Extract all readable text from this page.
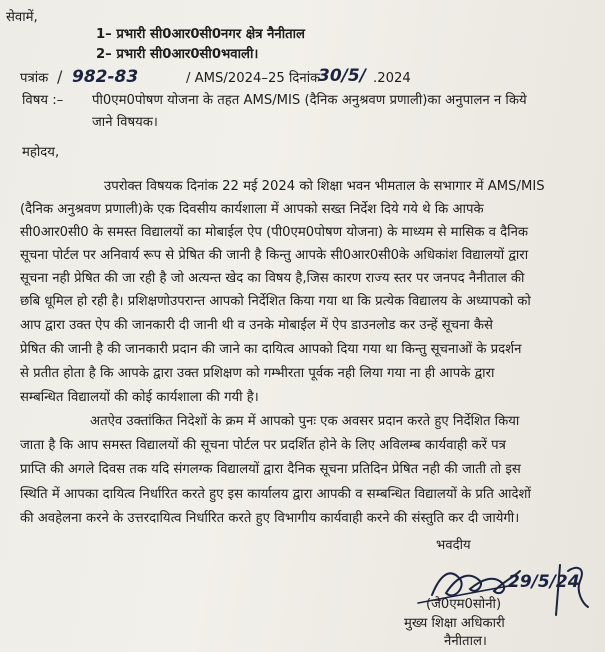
सेवामें,
1– प्रभारी सी0आर0सी0नगर क्षेत्र नैनीताल
2– प्रभारी सी0आर0सी0भवाली।
पत्रांक / 982-83	/ AMS/2024–25 दिनांक
30/5/ .2024
विषय :– पी0एम0पोषण योजना के तहत AMS/MIS (दैनिक अनुश्रवण प्रणाली)का अनुपालन न किये
जाने विषयक।
महोदय,
उपरोक्त विषयक दिनांक 22 मई 2024 को शिक्षा भवन भीमताल के सभागार में AMS/MIS
(दैनिक अनुश्रवण प्रणाली)के एक दिवसीय कार्यशाला में आपको सख्त निर्देश दिये गये थे कि आपके
सी0आर0सी0 के समस्त विद्यालयों का मोबाईल ऐप (पी0एम0पोषण योजना) के माध्यम से मासिक व दैनिक
सूचना पोर्टल पर अनिवार्य रूप से प्रेषित की जानी है किन्तु आपके सी0आर0सी0के अधिकांश विद्यालयों द्वारा
सूचना नही प्रेषित की जा रही है जो अत्यन्त खेद का विषय है,जिस कारण राज्य स्तर पर जनपद नैनीताल की
छबि धूमिल हो रही है। प्रशिक्षणोउपरान्त आपको निर्देशित किया गया था कि प्रत्येक विद्यालय के अध्यापको को
आप द्वारा उक्त ऐप की जानकारी दी जानी थी व उनके मोबाईल में ऐप डाउनलोड कर उन्हें सूचना कैसे
प्रेषित की जानी है की जानकारी प्रदान की जाने का दायित्व आपको दिया गया था किन्तु सूचनाओं के प्रदर्शन
से प्रतीत होता है कि आपके द्वारा उक्त प्रशिक्षण को गम्भीरता पूर्वक नही लिया गया ना ही आपके द्वारा
सम्बन्धित विद्यालयों की कोई कार्यशाला की गयी है।
अतऐव उक्तांकित निदेशों के क्रम में आपको पुनः एक अवसर प्रदान करते हुए निर्देशित किया
जाता है कि आप समस्त विद्यालयों की सूचना पोर्टल पर प्रदर्शित होने के लिए अविलम्ब कार्यवाही करें पत्र
प्राप्ति की अगले दिवस तक यदि संगलग्क विद्यालयों द्वारा दैनिक सूचना प्रतिदिन प्रेषित नही की जाती तो इस
स्थिति में आपका दायित्व निर्धारित करते हुए इस कार्यालय द्वारा आपकी व सम्बन्धित विद्यालयों के प्रति आदेशों
की अवहेलना करने के उत्तरदायित्व निर्धारित करते हुए विभागीय कार्यवाही करने की संस्तुति कर दी जायेगी।
भवदीय
29/5/24
(जे0एम0सोनी)
मुख्य शिक्षा अधिकारी
नैनीताल।
